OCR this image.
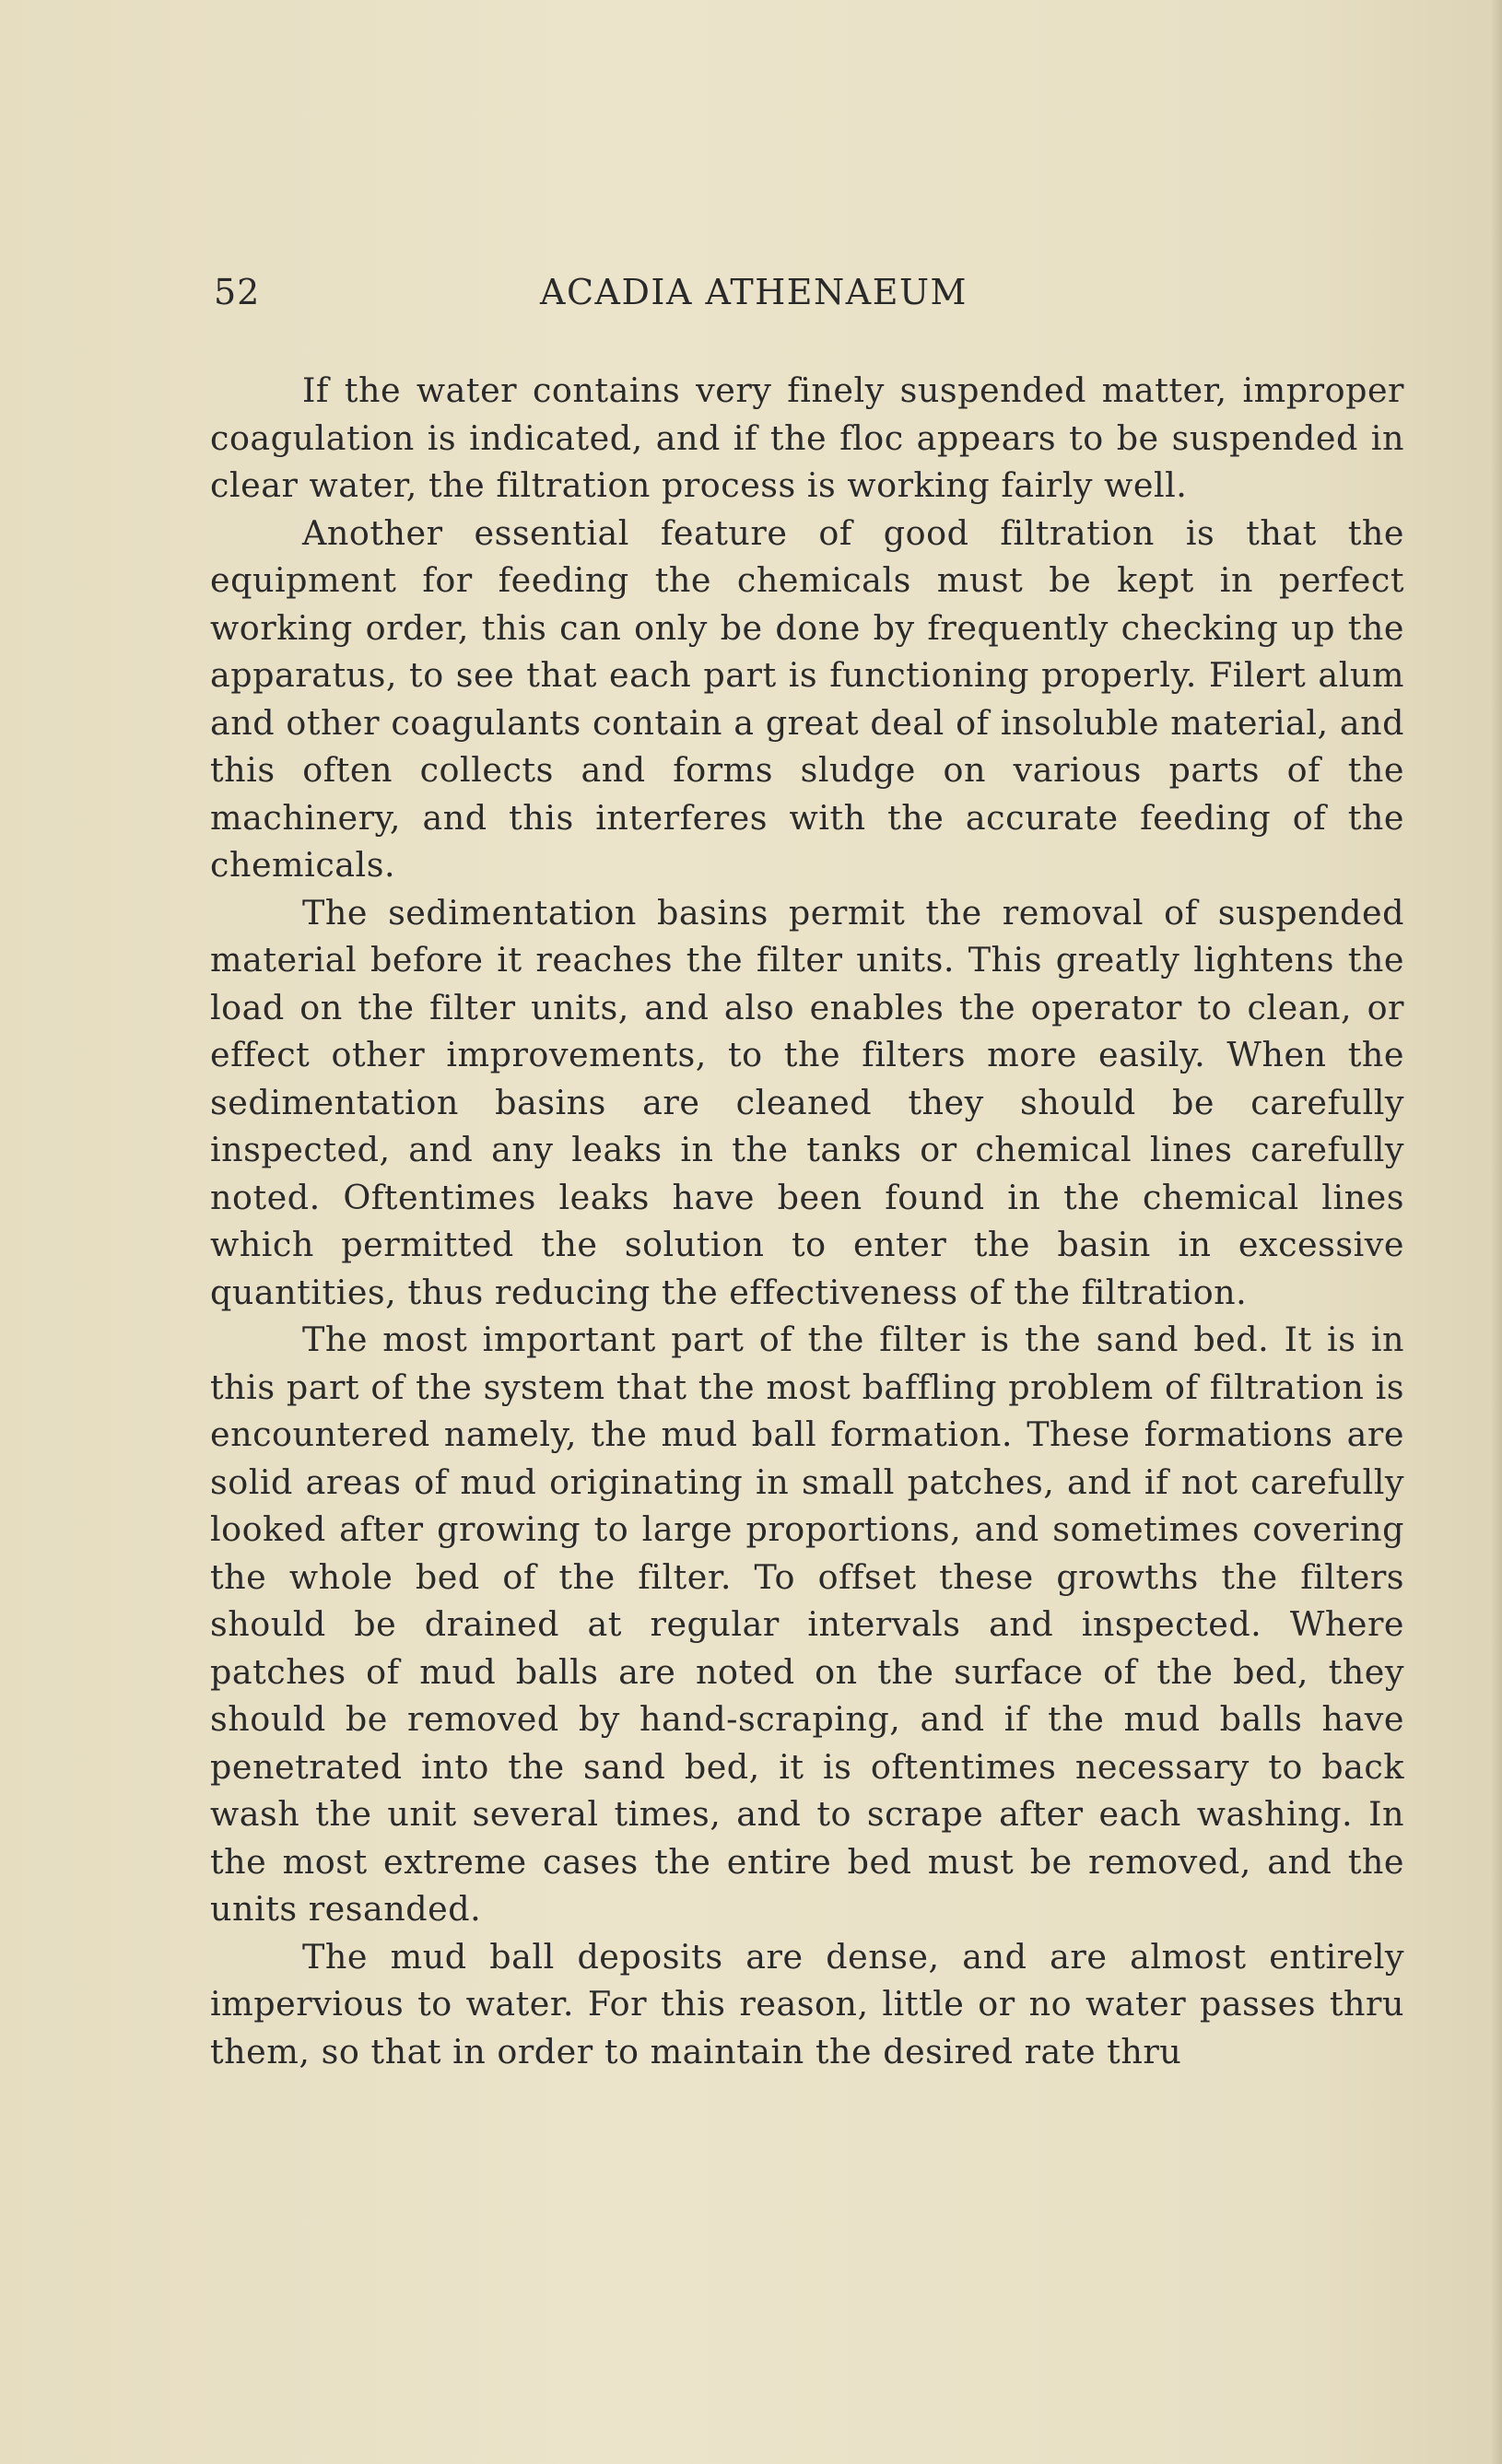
52	ACADIA ATHENAEUM

If the water contains very finely suspended matter, improper coagulation is indicated, and if the floc appears to be suspended in clear water, the filtration process is working fairly well.

Another essential feature of good filtration is that the equipment for feeding the chemicals must be kept in perfect working order, this can only be done by frequently checking up the apparatus, to see that each part is functioning properly. Filert alum and other coagulants contain a great deal of insoluble material, and this often collects and forms sludge on various parts of the machinery, and this interferes with the accurate feeding of the chemicals.

The sedimentation basins permit the removal of suspended material before it reaches the filter units. This greatly lightens the load on the filter units, and also enables the operator to clean, or effect other improvements, to the filters more easily. When the sedimentation basins are cleaned they should be carefully inspected, and any leaks in the tanks or chemical lines carefully noted. Oftentimes leaks have been found in the chemical lines which permitted the solution to enter the basin in excessive quantities, thus reducing the effectiveness of the filtration.

The most important part of the filter is the sand bed. It is in this part of the system that the most baffling problem of filtration is encountered namely, the mud ball formation. These formations are solid areas of mud originating in small patches, and if not carefully looked after growing to large proportions, and sometimes covering the whole bed of the filter. To offset these growths the filters should be drained at regular intervals and inspected. Where patches of mud balls are noted on the surface of the bed, they should be removed by hand-scraping, and if the mud balls have penetrated into the sand bed, it is oftentimes necessary to back wash the unit several times, and to scrape after each washing. In the most extreme cases the entire bed must be removed, and the units resanded.

The mud ball deposits are dense, and are almost entirely impervious to water. For this reason, little or no water passes thru them, so that in order to maintain the desired rate thru
